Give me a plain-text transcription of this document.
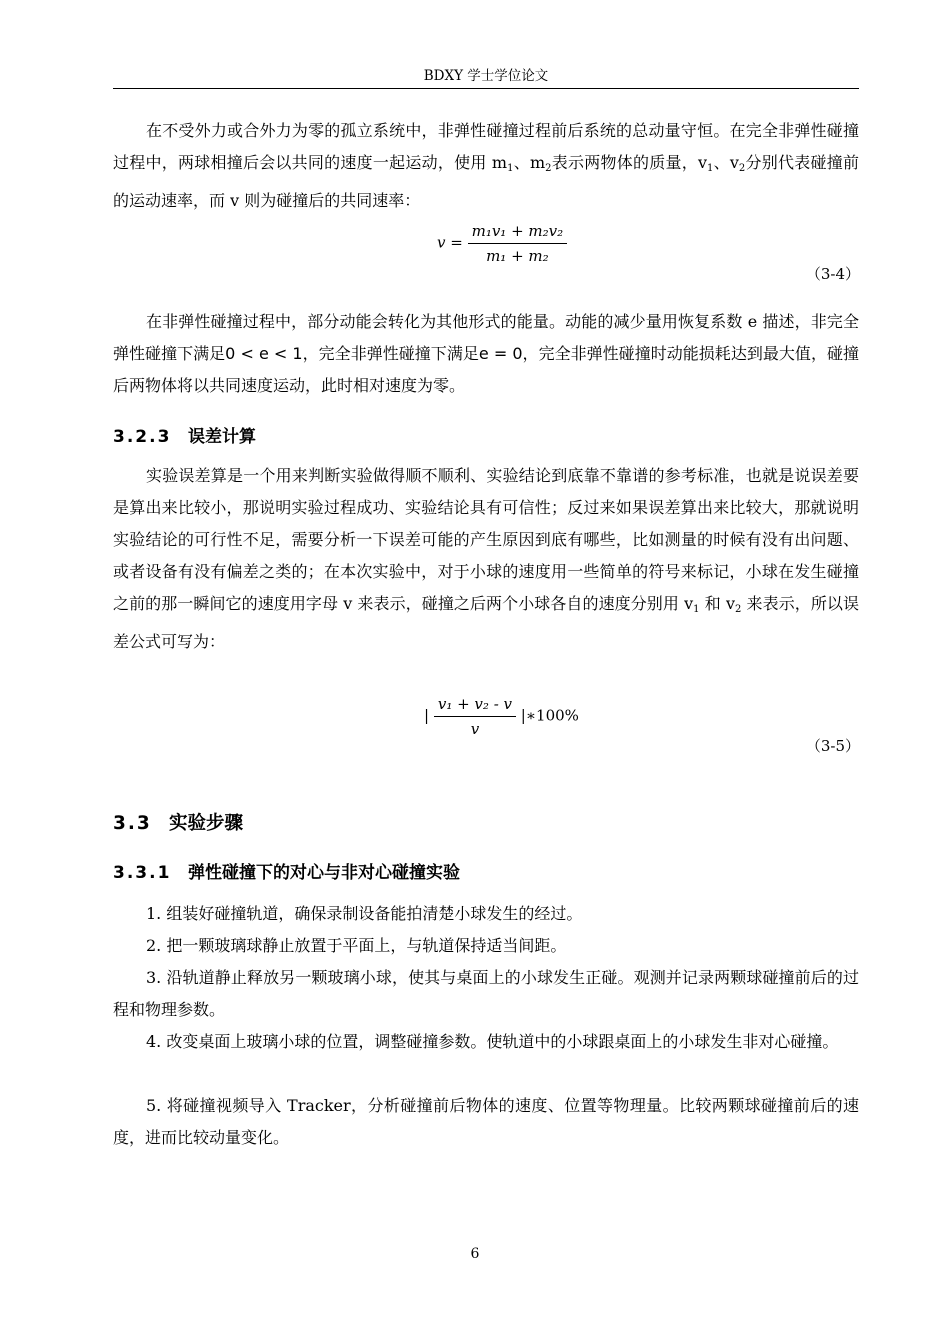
BDXY 学士学位论文

在不受外力或合外力为零的孤立系统中，非弹性碰撞过程前后系统的总动量守恒。在完全非弹性碰撞过程中，两球相撞后会以共同的速度一起运动，使用 $m_1$、$m_2$表示两物体的质量，$v_1$、$v_2$分别代表碰撞前的运动速率，而 v 则为碰撞后的共同速率：

$v = \frac{\text{m₁v₁ + m₂v₂}}{\text{m₁ + m₂}}$
（3-4）

在非弹性碰撞过程中，部分动能会转化为其他形式的能量。动能的减少量用恢复系数 e 描述，非完全弹性碰撞下满足0 < e < 1，完全非弹性碰撞下满足e = 0，完全非弹性碰撞时动能损耗达到最大值，碰撞后两物体将以共同速度运动，此时相对速度为零。

3.2.3 误差计算

实验误差算是一个用来判断实验做得顺不顺利、实验结论到底靠不靠谱的参考标准，也就是说误差要是算出来比较小，那说明实验过程成功、实验结论具有可信性；反过来如果误差算出来比较大，那就说明实验结论的可行性不足，需要分析一下误差可能的产生原因到底有哪些，比如测量的时候有没有出问题、或者设备有没有偏差之类的；在本次实验中，对于小球的速度用一些简单的符号来标记，小球在发生碰撞之前的那一瞬间它的速度用字母 v 来表示，碰撞之后两个小球各自的速度分别用 $v_1$ 和 $v_2$ 来表示，所以误差公式可写为：

| $\frac{\text{v₁ + v₂ - v}}{v}$ |∗100%
（3-5）
3.3 实验步骤
3.3.1 弹性碰撞下的对心与非对心碰撞实验

1. 组装好碰撞轨道，确保录制设备能拍清楚小球发生的经过。

2. 把一颗玻璃球静止放置于平面上，与轨道保持适当间距。

3. 沿轨道静止释放另一颗玻璃小球，使其与桌面上的小球发生正碰。观测并记录两颗球碰撞前后的过程和物理参数。

4. 改变桌面上玻璃小球的位置，调整碰撞参数。使轨道中的小球跟桌面上的小球发生非对心碰撞。

5. 将碰撞视频导入 Tracker，分析碰撞前后物体的速度、位置等物理量。比较两颗球碰撞前后的速度，进而比较动量变化。

6
